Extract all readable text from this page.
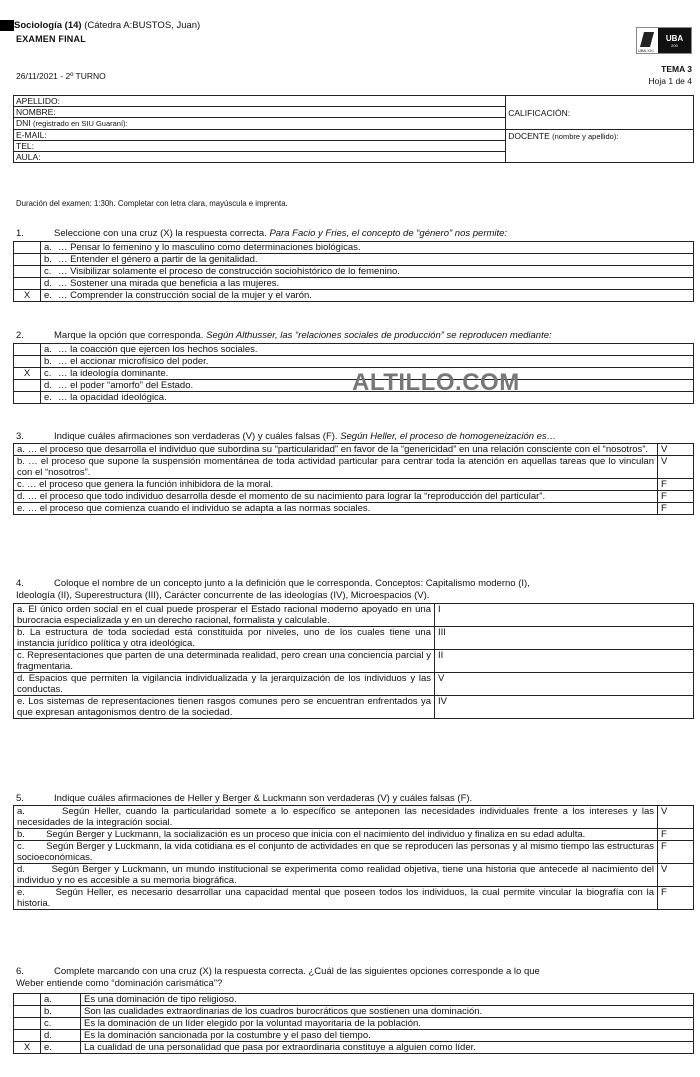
Sociología (14) (Cátedra A:BUSTOS, Juan)
EXAMEN FINAL
UBA XXI
UBA
200
26/11/2021 - 2º TURNO
TEMA 3
Hoja 1 de 4
APELLIDO:	CALIFICACIÓN:
NOMBRE:	
DNI (registrado en SIU Guaraní):	
E-MAIL:	DOCENTE (nombre y apellido):
TEL:	
AULA:	
Duración del examen: 1:30h. Completar con letra clara, mayúscula e imprenta.
1.	Seleccione con una cruz (X) la respuesta correcta. Para Facio y Fries, el concepto de “género” nos permite:
	a.	… Pensar lo femenino y lo masculino como determinaciones biológicas.
	b.	… Entender el género a partir de la genitalidad.
	c.	… Visibilizar solamente el proceso de construcción sociohistórico de lo femenino.
	d.	… Sostener una mirada que beneficia a las mujeres.
X	e.	… Comprender la construcción social de la mujer y el varón.
2.	Marque la opción que corresponda. Según Althusser, las “relaciones sociales de producción” se reproducen mediante:
	a.	… la coacción que ejercen los hechos sociales.
	b.	… el accionar microfísico del poder.
X	c.	… la ideología dominante.
	d.	… el poder “amorfo” del Estado.
	e.	… la opacidad ideológica.
ALTILLO.COM
3.	Indique cuáles afirmaciones son verdaderas (V) y cuáles falsas (F). Según Heller, el proceso de homogeneización es…
a. … el proceso que desarrolla el individuo que subordina su “particularidad” en favor de la “genericidad” en una relación consciente con el “nosotros”.	V
b. … el proceso que supone la suspensión momentánea de toda actividad particular para centrar toda la atención en aquellas tareas que lo vinculan con el “nosotros”.	V
c. … el proceso que genera la función inhibidora de la moral.	F
d. … el proceso que todo individuo desarrolla desde el momento de su nacimiento para lograr la “reproducción del particular”.	F
e. … el proceso que comienza cuando el individuo se adapta a las normas sociales.	F
4.	Coloque el nombre de un concepto junto a la definición que le corresponda. Conceptos: Capitalismo moderno (I),
Ideología (II), Superestructura (III), Carácter concurrente de las ideologías (IV), Microespacios (V).
a. El único orden social en el cual puede prosperar el Estado racional moderno apoyado en una burocracia especializada y en un derecho racional, formalista y calculable.	I
b. La estructura de toda sociedad está constituida por niveles, uno de los cuales tiene una instancia jurídico política y otra ideológica.	III
c. Representaciones que parten de una determinada realidad, pero crean una conciencia parcial y fragmentaria.	II
d. Espacios que permiten la vigilancia individualizada y la jerarquización de los individuos y las conductas.	V
e. Los sistemas de representaciones tienen rasgos comunes pero se encuentran enfrentados ya que expresan antagonismos dentro de la sociedad.	IV
5.	Indique cuáles afirmaciones de Heller y Berger & Luckmann son verdaderas (V) y cuáles falsas (F).
a. Según Heller, cuando la particularidad somete a lo específico se anteponen las necesidades individuales frente a los intereses y las necesidades de la integración social.	V
b. Según Berger y Luckmann, la socialización es un proceso que inicia con el nacimiento del individuo y finaliza en su edad adulta.	F
c. Según Berger y Luckmann, la vida cotidiana es el conjunto de actividades en que se reproducen las personas y al mismo tiempo las estructuras socioeconómicas.	F
d. Según Berger y Luckmann, un mundo institucional se experimenta como realidad objetiva, tiene una historia que antecede al nacimiento del individuo y no es accesible a su memoria biográfica.	V
e. Según Heller, es necesario desarrollar una capacidad mental que poseen todos los individuos, la cual permite vincular la biografía con la historia.	F
6.	Complete marcando con una cruz (X) la respuesta correcta. ¿Cuál de las siguientes opciones corresponde a lo que
Weber entiende como “dominación carismática”?
	a.	Es una dominación de tipo religioso.
	b.	Son las cualidades extraordinarias de los cuadros burocráticos que sostienen una dominación.
	c.	Es la dominación de un líder elegido por la voluntad mayoritaria de la población.
	d.	Es la dominación sancionada por la costumbre y el paso del tiempo.
X	e.	La cualidad de una personalidad que pasa por extraordinaria constituye a alguien como líder.
